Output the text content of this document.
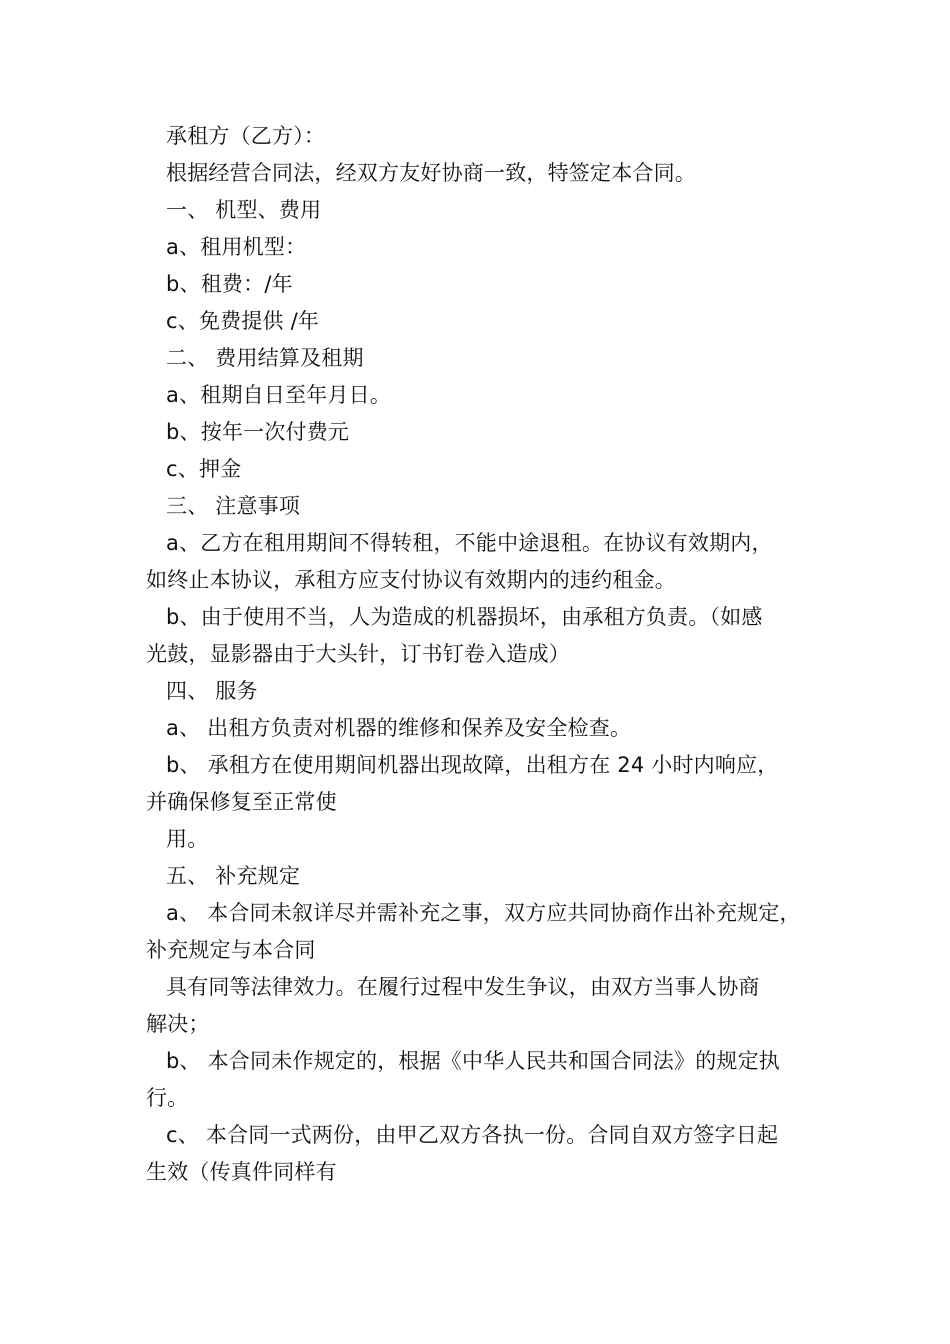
承租方（乙方）：
根据经营合同法，经双方友好协商一致，特签定本合同。
一、 机型、费用
a、租用机型：
b、租费：/年
c、免费提供 /年
二、 费用结算及租期
a、租期自日至年月日。
b、按年一次付费元
c、押金
三、 注意事项
a、乙方在租用期间不得转租，不能中途退租。在协议有效期内，
如终止本协议，承租方应支付协议有效期内的违约租金。
b、由于使用不当，人为造成的机器损坏，由承租方负责。（如感
光鼓，显影器由于大头针，订书钉卷入造成）
四、 服务
a、 出租方负责对机器的维修和保养及安全检查。
b、 承租方在使用期间机器出现故障，出租方在 24 小时内响应，
并确保修复至正常使
用。
五、 补充规定
a、 本合同未叙详尽并需补充之事，双方应共同协商作出补充规定，
补充规定与本合同
具有同等法律效力。在履行过程中发生争议，由双方当事人协商
解决；
b、 本合同未作规定的，根据《中华人民共和国合同法》的规定执
行。
c、 本合同一式两份，由甲乙双方各执一份。合同自双方签字日起
生效（传真件同样有
